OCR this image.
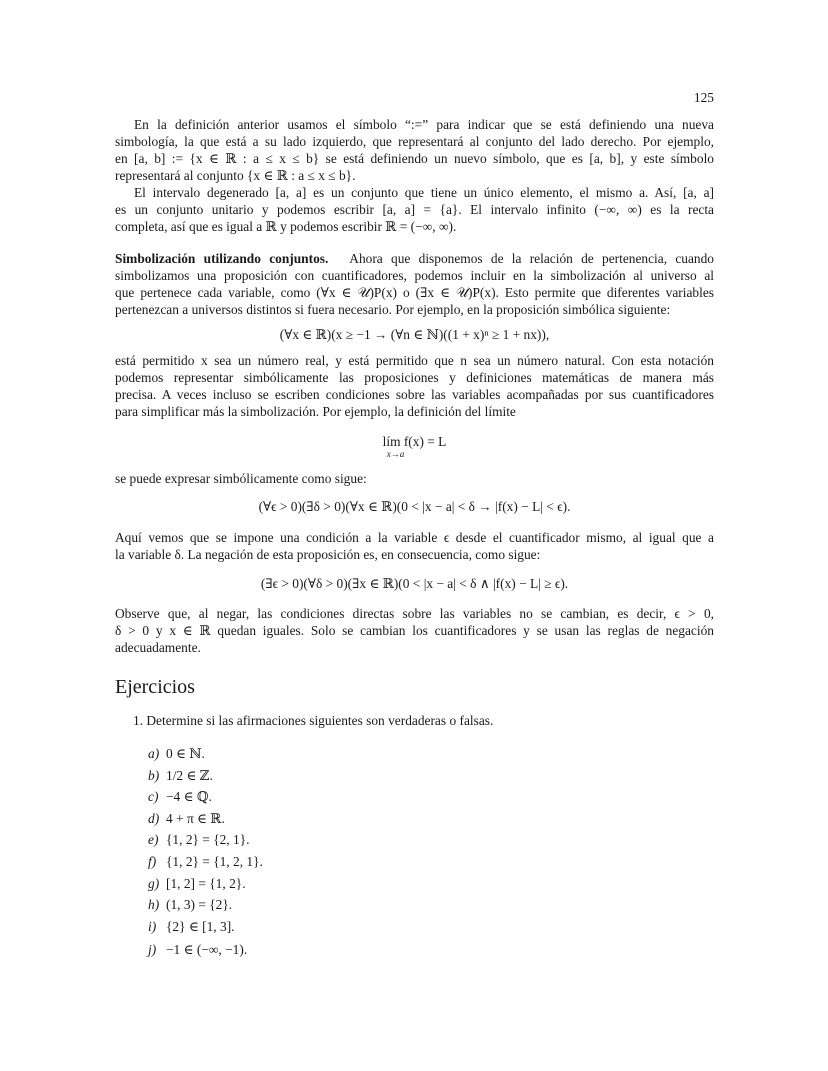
125
En la definición anterior usamos el símbolo “:=” para indicar que se está definiendo una nueva
simbología, la que está a su lado izquierdo, que representará al conjunto del lado derecho. Por ejemplo,
en [a, b] := {x ∈ ℝ : a ≤ x ≤ b} se está definiendo un nuevo símbolo, que es [a, b], y este símbolo
representará al conjunto {x ∈ ℝ : a ≤ x ≤ b}.
El intervalo degenerado [a, a] es un conjunto que tiene un único elemento, el mismo a. Así, [a, a]
es un conjunto unitario y podemos escribir [a, a] = {a}. El intervalo infinito (−∞, ∞) es la recta
completa, así que es igual a ℝ y podemos escribir ℝ = (−∞, ∞).
Simbolización utilizando conjuntos.  Ahora que disponemos de la relación de pertenencia, cuando
simbolizamos una proposición con cuantificadores, podemos incluir en la simbolización al universo al
que pertenece cada variable, como (∀x ∈ 𝒰)P(x) o (∃x ∈ 𝒰)P(x). Esto permite que diferentes variables
pertenezcan a universos distintos si fuera necesario. Por ejemplo, en la proposición simbólica siguiente:
(∀x ∈ ℝ)(x ≥ −1 → (∀n ∈ ℕ)((1 + x)ⁿ ≥ 1 + nx)),
está permitido x sea un número real, y está permitido que n sea un número natural. Con esta notación
podemos representar simbólicamente las proposiciones y definiciones matemáticas de manera más
precisa. A veces incluso se escriben condiciones sobre las variables acompañadas por sus cuantificadores
para simplificar más la simbolización. Por ejemplo, la definición del límite
lím f(x) = L
x→a
se puede expresar simbólicamente como sigue:
(∀ϵ > 0)(∃δ > 0)(∀x ∈ ℝ)(0 < |x − a| < δ → |f(x) − L| < ϵ).
Aquí vemos que se impone una condición a la variable ϵ desde el cuantificador mismo, al igual que a
la variable δ. La negación de esta proposición es, en consecuencia, como sigue:
(∃ϵ > 0)(∀δ > 0)(∃x ∈ ℝ)(0 < |x − a| < δ ∧ |f(x) − L| ≥ ϵ).
Observe que, al negar, las condiciones directas sobre las variables no se cambian, es decir, ϵ > 0,
δ > 0 y x ∈ ℝ quedan iguales. Solo se cambian los cuantificadores y se usan las reglas de negación
adecuadamente.
Ejercicios
1. Determine si las afirmaciones siguientes son verdaderas o falsas.
a) 0 ∈ ℕ.
b) 1/2 ∈ ℤ.
c) −4 ∈ ℚ.
d) 4 + π ∈ ℝ.
e) {1, 2} = {2, 1}.
f) {1, 2} = {1, 2, 1}.
g) [1, 2] = {1, 2}.
h) (1, 3) = {2}.
i) {2} ∈ [1, 3].
j) −1 ∈ (−∞, −1).
